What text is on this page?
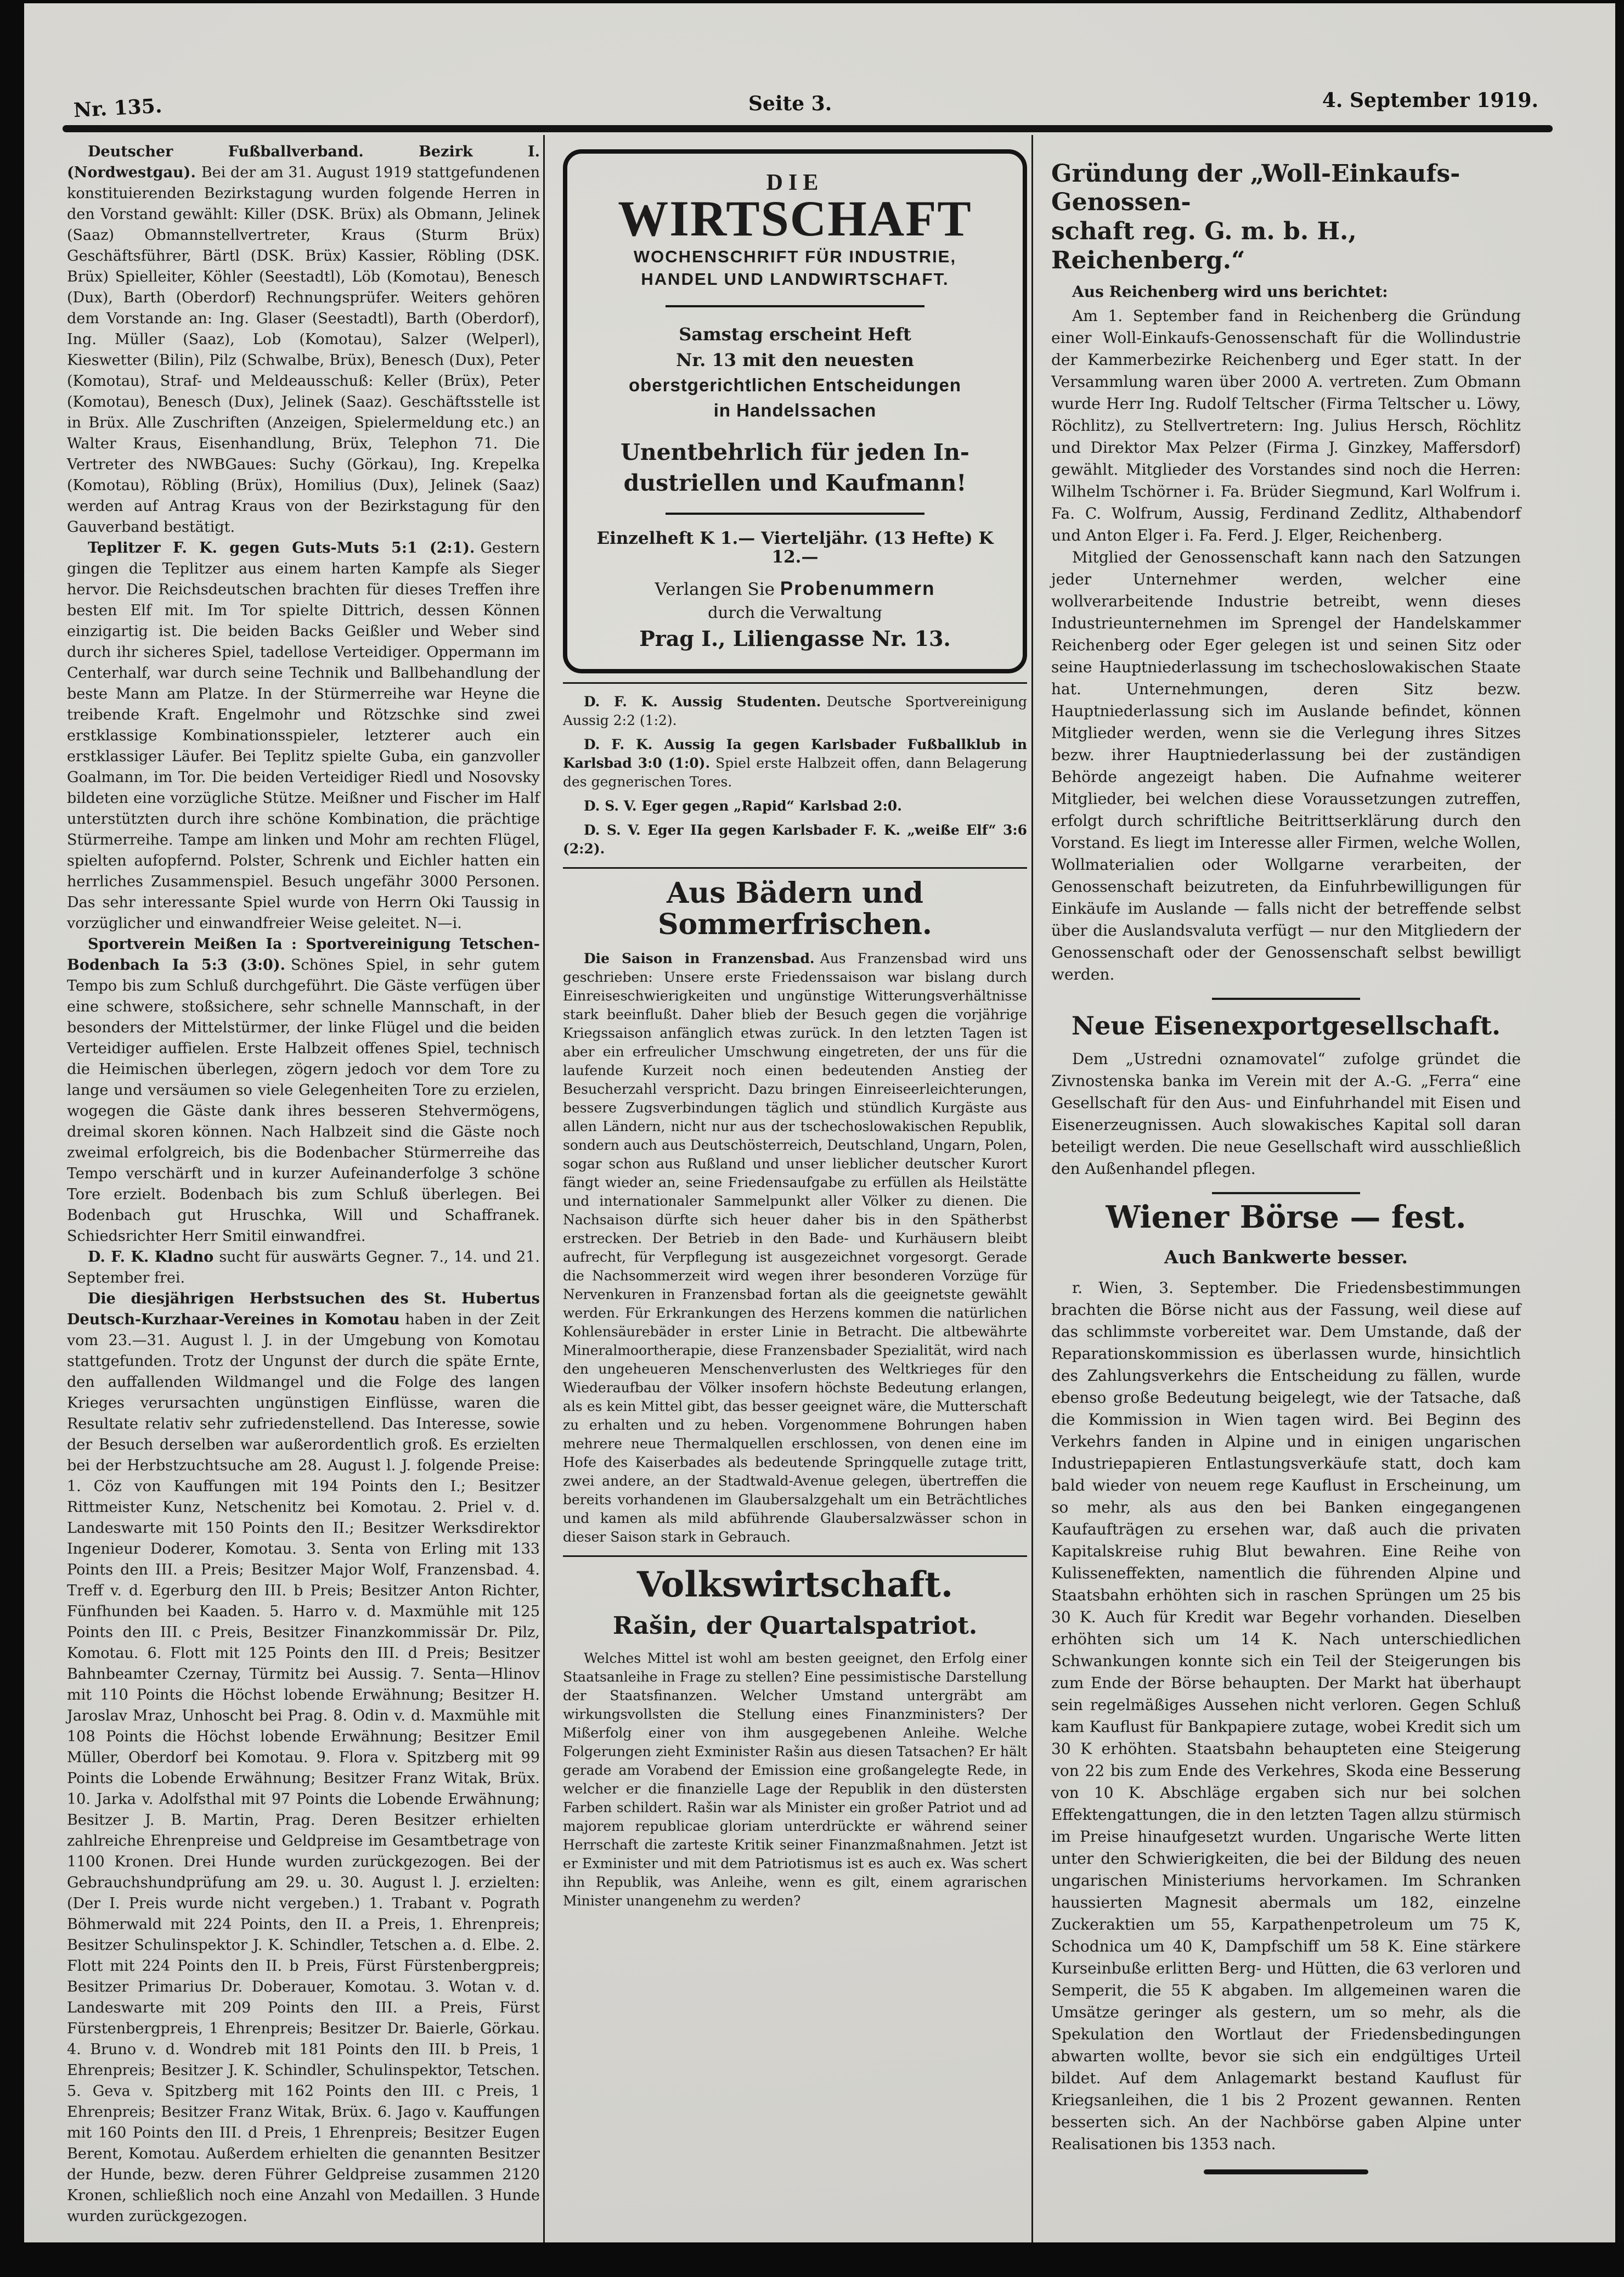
Nr. 135.	Seite 3.	4. September 1919.

Deutscher Fußballverband. Bezirk I. (Nordwestgau). Bei der am 31. August 1919 stattgefundenen konstituierenden Bezirkstagung wurden folgende Herren in den Vorstand gewählt: Killer (DSK. Brüx) als Obmann, Jelinek (Saaz) Obmannstellvertreter, Kraus (Sturm Brüx) Geschäftsführer, Bärtl (DSK. Brüx) Kassier, Röbling (DSK. Brüx) Spielleiter, Köhler (Seestadtl), Löb (Komotau), Benesch (Dux), Barth (Oberdorf) Rechnungsprüfer. Weiters gehören dem Vorstande an: Ing. Glaser (Seestadtl), Barth (Oberdorf), Ing. Müller (Saaz), Lob (Komotau), Salzer (Welperl), Kieswetter (Bilin), Pilz (Schwalbe, Brüx), Benesch (Dux), Peter (Komotau), Straf- und Meldeausschuß: Keller (Brüx), Peter (Komotau), Benesch (Dux), Jelinek (Saaz). Geschäftsstelle ist in Brüx. Alle Zuschriften (Anzeigen, Spielermeldung etc.) an Walter Kraus, Eisenhandlung, Brüx, Telephon 71. Die Vertreter des NWBGaues: Suchy (Görkau), Ing. Krepelka (Komotau), Röbling (Brüx), Homilius (Dux), Jelinek (Saaz) werden auf Antrag Kraus von der Bezirkstagung für den Gauverband bestätigt.

Teplitzer F. K. gegen Guts-Muts 5:1 (2:1). Gestern gingen die Teplitzer aus einem harten Kampfe als Sieger hervor. Die Reichsdeutschen brachten für dieses Treffen ihre besten Elf mit. Im Tor spielte Dittrich, dessen Können einzigartig ist. Die beiden Backs Geißler und Weber sind durch ihr sicheres Spiel, tadellose Verteidiger. Oppermann im Centerhalf, war durch seine Technik und Ballbehandlung der beste Mann am Platze. In der Stürmerreihe war Heyne die treibende Kraft. Engelmohr und Rötzschke sind zwei erstklassige Kombinationsspieler, letzterer auch ein erstklassiger Läufer. Bei Teplitz spielte Guba, ein ganzvoller Goalmann, im Tor. Die beiden Verteidiger Riedl und Nosovsky bildeten eine vorzügliche Stütze. Meißner und Fischer im Half unterstützten durch ihre schöne Kombination, die prächtige Stürmerreihe. Tampe am linken und Mohr am rechten Flügel, spielten aufopfernd. Polster, Schrenk und Eichler hatten ein herrliches Zusammenspiel. Besuch ungefähr 3000 Personen. Das sehr interessante Spiel wurde von Herrn Oki Taussig in vorzüglicher und einwandfreier Weise geleitet. N—i.

Sportverein Meißen Ia : Sportvereinigung Tetschen-Bodenbach Ia 5:3 (3:0). Schönes Spiel, in sehr gutem Tempo bis zum Schluß durchgeführt. Die Gäste verfügen über eine schwere, stoßsichere, sehr schnelle Mannschaft, in der besonders der Mittelstürmer, der linke Flügel und die beiden Verteidiger auffielen. Erste Halbzeit offenes Spiel, technisch die Heimischen überlegen, zögern jedoch vor dem Tore zu lange und versäumen so viele Gelegenheiten Tore zu erzielen, wogegen die Gäste dank ihres besseren Stehvermögens, dreimal skoren können. Nach Halbzeit sind die Gäste noch zweimal erfolgreich, bis die Bodenbacher Stürmerreihe das Tempo verschärft und in kurzer Aufeinanderfolge 3 schöne Tore erzielt. Bodenbach bis zum Schluß überlegen. Bei Bodenbach gut Hruschka, Will und Schaffranek. Schiedsrichter Herr Smitil einwandfrei.

D. F. K. Kladno sucht für auswärts Gegner. 7., 14. und 21. September frei.

Die diesjährigen Herbstsuchen des St. Hubertus Deutsch-Kurzhaar-Vereines in Komotau haben in der Zeit vom 23.—31. August l. J. in der Umgebung von Komotau stattgefunden. Trotz der Ungunst der durch die späte Ernte, den auffallenden Wildmangel und die Folge des langen Krieges verursachten ungünstigen Einflüsse, waren die Resultate relativ sehr zufriedenstellend. Das Interesse, sowie der Besuch derselben war außerordentlich groß. Es erzielten bei der Herbstzuchtsuche am 28. August l. J. folgende Preise: 1. Cöz von Kauffungen mit 194 Points den I.; Besitzer Rittmeister Kunz, Netschenitz bei Komotau. 2. Priel v. d. Landeswarte mit 150 Points den II.; Besitzer Werksdirektor Ingenieur Doderer, Komotau. 3. Senta von Erling mit 133 Points den III. a Preis; Besitzer Major Wolf, Franzensbad. 4. Treff v. d. Egerburg den III. b Preis; Besitzer Anton Richter, Fünfhunden bei Kaaden. 5. Harro v. d. Maxmühle mit 125 Points den III. c Preis, Besitzer Finanzkommissär Dr. Pilz, Komotau. 6. Flott mit 125 Points den III. d Preis; Besitzer Bahnbeamter Czernay, Türmitz bei Aussig. 7. Senta—Hlinov mit 110 Points die Höchst lobende Erwähnung; Besitzer H. Jaroslav Mraz, Unhoscht bei Prag. 8. Odin v. d. Maxmühle mit 108 Points die Höchst lobende Erwähnung; Besitzer Emil Müller, Oberdorf bei Komotau. 9. Flora v. Spitzberg mit 99 Points die Lobende Erwähnung; Besitzer Franz Witak, Brüx. 10. Jarka v. Adolfsthal mit 97 Points die Lobende Erwähnung; Besitzer J. B. Martin, Prag. Deren Besitzer erhielten zahlreiche Ehrenpreise und Geldpreise im Gesamtbetrage von 1100 Kronen. Drei Hunde wurden zurückgezogen. Bei der Gebrauchshundprüfung am 29. u. 30. August l. J. erzielten: (Der I. Preis wurde nicht vergeben.) 1. Trabant v. Pograth Böhmerwald mit 224 Points, den II. a Preis, 1. Ehrenpreis; Besitzer Schulinspektor J. K. Schindler, Tetschen a. d. Elbe. 2. Flott mit 224 Points den II. b Preis, Fürst Fürstenbergpreis; Besitzer Primarius Dr. Doberauer, Komotau. 3. Wotan v. d. Landeswarte mit 209 Points den III. a Preis, Fürst Fürstenbergpreis, 1 Ehrenpreis; Besitzer Dr. Baierle, Görkau. 4. Bruno v. d. Wondreb mit 181 Points den III. b Preis, 1 Ehrenpreis; Besitzer J. K. Schindler, Schulinspektor, Tetschen. 5. Geva v. Spitzberg mit 162 Points den III. c Preis, 1 Ehrenpreis; Besitzer Franz Witak, Brüx. 6. Jago v. Kauffungen mit 160 Points den III. d Preis, 1 Ehrenpreis; Besitzer Eugen Berent, Komotau. Außerdem erhielten die genannten Besitzer der Hunde, bezw. deren Führer Geldpreise zusammen 2120 Kronen, schließlich noch eine Anzahl von Medaillen. 3 Hunde wurden zurückgezogen.

DIE
WIRTSCHAFT
WOCHENSCHRIFT FÜR INDUSTRIE,
HANDEL UND LANDWIRTSCHAFT.
Samstag erscheint Heft
Nr. 13 mit den neuesten
oberstgerichtlichen Entscheidungen
in Handelssachen
Unentbehrlich für jeden In-
dustriellen und Kaufmann!
Einzelheft K 1.— Vierteljähr. (13 Hefte) K 12.—
Verlangen Sie Probenummern
durch die Verwaltung
Prag I., Liliengasse Nr. 13.

D. F. K. Aussig Studenten. Deutsche Sportvereinigung Aussig 2:2 (1:2).

D. F. K. Aussig Ia gegen Karlsbader Fußballklub in Karlsbad 3:0 (1:0). Spiel erste Halbzeit offen, dann Belagerung des gegnerischen Tores.

D. S. V. Eger gegen „Rapid“ Karlsbad 2:0.

D. S. V. Eger IIa gegen Karlsbader F. K. „weiße Elf“ 3:6 (2:2).

Aus Bädern und Sommerfrischen.

Die Saison in Franzensbad. Aus Franzensbad wird uns geschrieben: Unsere erste Friedenssaison war bislang durch Einreiseschwierigkeiten und ungünstige Witterungsverhältnisse stark beeinflußt. Daher blieb der Besuch gegen die vorjährige Kriegssaison anfänglich etwas zurück. In den letzten Tagen ist aber ein erfreulicher Umschwung eingetreten, der uns für die laufende Kurzeit noch einen bedeutenden Anstieg der Besucherzahl verspricht. Dazu bringen Einreiseerleichterungen, bessere Zugsverbindungen täglich und stündlich Kurgäste aus allen Ländern, nicht nur aus der tschechoslowakischen Republik, sondern auch aus Deutschösterreich, Deutschland, Ungarn, Polen, sogar schon aus Rußland und unser lieblicher deutscher Kurort fängt wieder an, seine Friedensaufgabe zu erfüllen als Heilstätte und internationaler Sammelpunkt aller Völker zu dienen. Die Nachsaison dürfte sich heuer daher bis in den Spätherbst erstrecken. Der Betrieb in den Bade- und Kurhäusern bleibt aufrecht, für Verpflegung ist ausgezeichnet vorgesorgt. Gerade die Nachsommerzeit wird wegen ihrer besonderen Vorzüge für Nervenkuren in Franzensbad fortan als die geeignetste gewählt werden. Für Erkrankungen des Herzens kommen die natürlichen Kohlensäurebäder in erster Linie in Betracht. Die altbewährte Mineralmoortherapie, diese Franzensbader Spezialität, wird nach den ungeheueren Menschenverlusten des Weltkrieges für den Wiederaufbau der Völker insofern höchste Bedeutung erlangen, als es kein Mittel gibt, das besser geeignet wäre, die Mutterschaft zu erhalten und zu heben. Vorgenommene Bohrungen haben mehrere neue Thermalquellen erschlossen, von denen eine im Hofe des Kaiserbades als bedeutende Springquelle zutage tritt, zwei andere, an der Stadtwald-Avenue gelegen, übertreffen die bereits vorhandenen im Glaubersalzgehalt um ein Beträchtliches und kamen als mild abführende Glaubersalzwässer schon in dieser Saison stark in Gebrauch.

Volkswirtschaft.
Rašin, der Quartalspatriot.

Welches Mittel ist wohl am besten geeignet, den Erfolg einer Staatsanleihe in Frage zu stellen? Eine pessimistische Darstellung der Staatsfinanzen. Welcher Umstand untergräbt am wirkungsvollsten die Stellung eines Finanzministers? Der Mißerfolg einer von ihm ausgegebenen Anleihe. Welche Folgerungen zieht Exminister Rašin aus diesen Tatsachen? Er hält gerade am Vorabend der Emission eine großangelegte Rede, in welcher er die finanzielle Lage der Republik in den düstersten Farben schildert. Rašin war als Minister ein großer Patriot und ad majorem republicae gloriam unterdrückte er während seiner Herrschaft die zarteste Kritik seiner Finanzmaßnahmen. Jetzt ist er Exminister und mit dem Patriotismus ist es auch ex. Was schert ihn Republik, was Anleihe, wenn es gilt, einem agrarischen Minister unangenehm zu werden?

Gründung der „Woll-Einkaufs-Genossen-
schaft reg. G. m. b. H., Reichenberg.“

Aus Reichenberg wird uns berichtet:

Am 1. September fand in Reichenberg die Gründung einer Woll-Einkaufs-Genossenschaft für die Wollindustrie der Kammerbezirke Reichenberg und Eger statt. In der Versammlung waren über 2000 A. vertreten. Zum Obmann wurde Herr Ing. Rudolf Teltscher (Firma Teltscher u. Löwy, Röchlitz), zu Stellvertretern: Ing. Julius Hersch, Röchlitz und Direktor Max Pelzer (Firma J. Ginzkey, Maffersdorf) gewählt. Mitglieder des Vorstandes sind noch die Herren: Wilhelm Tschörner i. Fa. Brüder Siegmund, Karl Wolfrum i. Fa. C. Wolfrum, Aussig, Ferdinand Zedlitz, Althabendorf und Anton Elger i. Fa. Ferd. J. Elger, Reichenberg.

Mitglied der Genossenschaft kann nach den Satzungen jeder Unternehmer werden, welcher eine wollverarbeitende Industrie betreibt, wenn dieses Industrieunternehmen im Sprengel der Handelskammer Reichenberg oder Eger gelegen ist und seinen Sitz oder seine Hauptniederlassung im tschechoslowakischen Staate hat. Unternehmungen, deren Sitz bezw. Hauptniederlassung sich im Auslande befindet, können Mitglieder werden, wenn sie die Verlegung ihres Sitzes bezw. ihrer Hauptniederlassung bei der zuständigen Behörde angezeigt haben. Die Aufnahme weiterer Mitglieder, bei welchen diese Voraussetzungen zutreffen, erfolgt durch schriftliche Beitrittserklärung durch den Vorstand. Es liegt im Interesse aller Firmen, welche Wollen, Wollmaterialien oder Wollgarne verarbeiten, der Genossenschaft beizutreten, da Einfuhrbewilligungen für Einkäufe im Auslande — falls nicht der betreffende selbst über die Auslandsvaluta verfügt — nur den Mitgliedern der Genossenschaft oder der Genossenschaft selbst bewilligt werden.

Neue Eisenexportgesellschaft.

Dem „Ustredni oznamovatel“ zufolge gründet die Zivnostenska banka im Verein mit der A.-G. „Ferra“ eine Gesellschaft für den Aus- und Einfuhrhandel mit Eisen und Eisenerzeugnissen. Auch slowakisches Kapital soll daran beteiligt werden. Die neue Gesellschaft wird ausschließlich den Außenhandel pflegen.

Wiener Börse — fest.
Auch Bankwerte besser.

r. Wien, 3. September. Die Friedensbestimmungen brachten die Börse nicht aus der Fassung, weil diese auf das schlimmste vorbereitet war. Dem Umstande, daß der Reparationskommission es überlassen wurde, hinsichtlich des Zahlungsverkehrs die Entscheidung zu fällen, wurde ebenso große Bedeutung beigelegt, wie der Tatsache, daß die Kommission in Wien tagen wird. Bei Beginn des Verkehrs fanden in Alpine und in einigen ungarischen Industriepapieren Entlastungsverkäufe statt, doch kam bald wieder von neuem rege Kauflust in Erscheinung, um so mehr, als aus den bei Banken eingegangenen Kaufaufträgen zu ersehen war, daß auch die privaten Kapitalskreise ruhig Blut bewahren. Eine Reihe von Kulisseneffekten, namentlich die führenden Alpine und Staatsbahn erhöhten sich in raschen Sprüngen um 25 bis 30 K. Auch für Kredit war Begehr vorhanden. Dieselben erhöhten sich um 14 K. Nach unterschiedlichen Schwankungen konnte sich ein Teil der Steigerungen bis zum Ende der Börse behaupten. Der Markt hat überhaupt sein regelmäßiges Aussehen nicht verloren. Gegen Schluß kam Kauflust für Bankpapiere zutage, wobei Kredit sich um 30 K erhöhten. Staatsbahn behaupteten eine Steigerung von 22 bis zum Ende des Verkehres, Skoda eine Besserung von 10 K. Abschläge ergaben sich nur bei solchen Effektengattungen, die in den letzten Tagen allzu stürmisch im Preise hinaufgesetzt wurden. Ungarische Werte litten unter den Schwierigkeiten, die bei der Bildung des neuen ungarischen Ministeriums hervorkamen. Im Schranken haussierten Magnesit abermals um 182, einzelne Zuckeraktien um 55, Karpathenpetroleum um 75 K, Schodnica um 40 K, Dampfschiff um 58 K. Eine stärkere Kurseinbuße erlitten Berg- und Hütten, die 63 verloren und Semperit, die 55 K abgaben. Im allgemeinen waren die Umsätze geringer als gestern, um so mehr, als die Spekulation den Wortlaut der Friedensbedingungen abwarten wollte, bevor sie sich ein endgültiges Urteil bildet. Auf dem Anlagemarkt bestand Kauflust für Kriegsanleihen, die 1 bis 2 Prozent gewannen. Renten besserten sich. An der Nachbörse gaben Alpine unter Realisationen bis 1353 nach.
